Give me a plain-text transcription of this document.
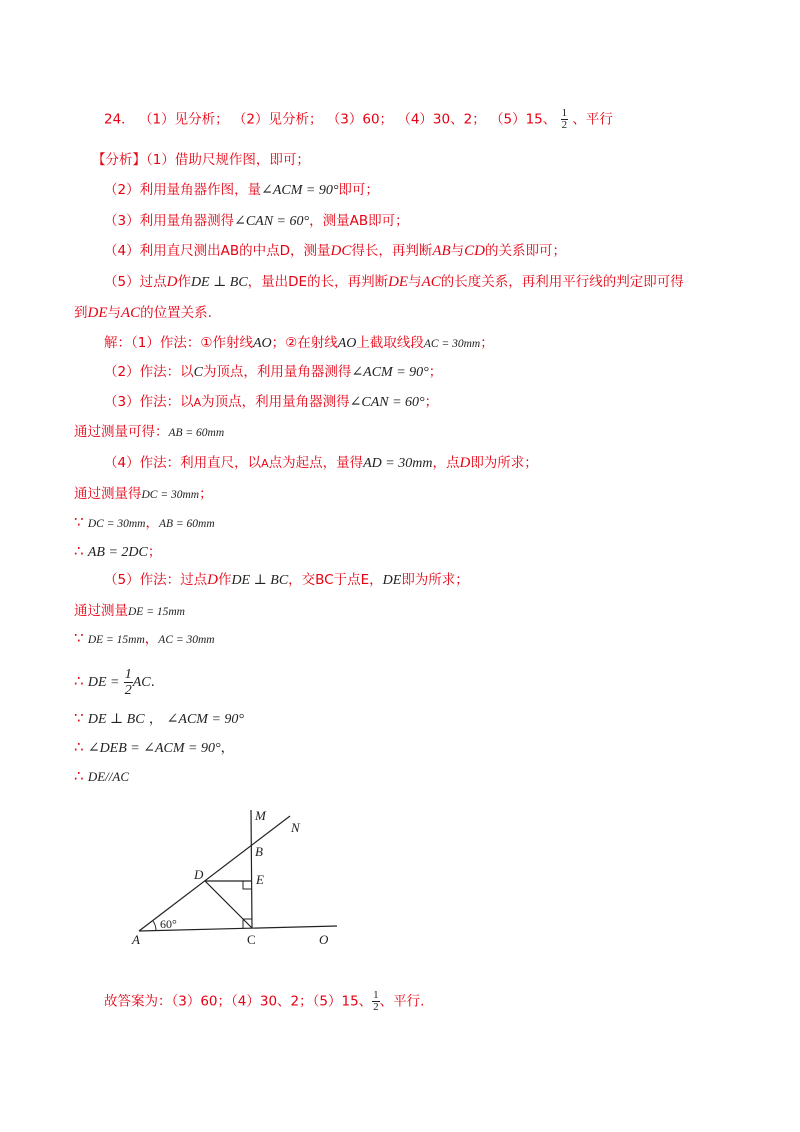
24． （1）见分析； （2）见分析； （3）60； （4）30、2； （5）15、 $\frac{1}{2}$ 、平行
【分析】（1）借助尺规作图，即可；
（2）利用量角器作图，量∠ACM = 90°即可；
（3）利用量角器测得∠CAN = 60°，测量AB即可；
（4）利用直尺测出AB的中点D，测量DC得长，再判断AB与CD的关系即可；
（5）过点D作DE ⊥ BC，量出DE的长，再判断DE与AC的长度关系，再利用平行线的判定即可得
到DE与AC的位置关系.
解：（1）作法：①作射线AO；②在射线AO上截取线段AC = 30mm；
（2）作法：以C为顶点，利用量角器测得∠ACM = 90°；
（3）作法：以A为顶点，利用量角器测得∠CAN = 60°；
通过测量可得：AB = 60mm
（4）作法：利用直尺，以A点为起点，量得AD = 30mm，点D即为所求；
通过测量得DC = 30mm；
∵ DC = 30mm，AB = 60mm
∴ AB = 2DC；
（5）作法：过点D作DE ⊥ BC，交BC于点E，DE即为所求；
通过测量DE = 15mm
∵ DE = 15mm，AC = 30mm
∴ DE = $\frac{1}{2}$ AC.
∵ DE ⊥ BC ， ∠ACM = 90°
∴ ∠DEB = ∠ACM = 90°，
∴ DE//AC
M
N
B
D	E
A	C	O
60°
故答案为：（3）60；（4）30、2；（5）15、 $\frac{1}{2}$ 、平行.
